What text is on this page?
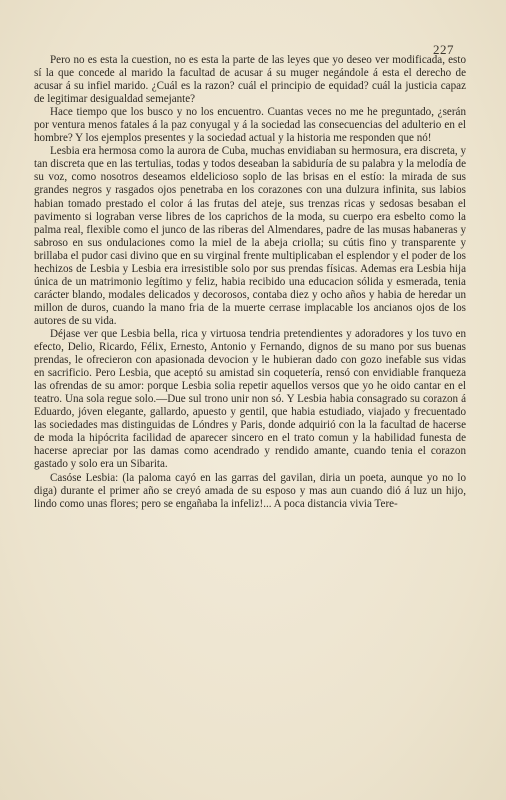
227

Pero no es esta la cuestion, no es esta la parte de las leyes que yo deseo ver modificada, esto sí la que concede al marido la facultad de acusar á su muger negándole á esta el derecho de acusar á su infiel marido. ¿Cuál es la razon? cuál el principio de equidad? cuál la justicia capaz de legitimar desigualdad semejante?

Hace tiempo que los busco y no los encuentro. Cuantas veces no me he preguntado, ¿serán por ventura menos fatales á la paz conyugal y á la sociedad las consecuencias del adulterio en el hombre? Y los ejemplos presentes y la sociedad actual y la historia me responden que nó!

Lesbia era hermosa como la aurora de Cuba, muchas envidiaban su hermosura, era discreta, y tan discreta que en las tertulias, todas y todos deseaban la sabiduría de su palabra y la melodía de su voz, como nosotros deseamos eldelicioso soplo de las brisas en el estío: la mirada de sus grandes negros y rasgados ojos penetraba en los corazones con una dulzura infinita, sus labios habian tomado prestado el color á las frutas del ateje, sus trenzas ricas y sedosas besaban el pavimento si lograban verse libres de los caprichos de la moda, su cuerpo era esbelto como la palma real, flexible como el junco de las riberas del Almendares, padre de las musas habaneras y sabroso en sus ondulaciones como la miel de la abeja criolla; su cútis fino y transparente y brillaba el pudor casi divino que en su virginal frente multiplicaban el esplendor y el poder de los hechizos de Lesbia y Lesbia era irresistible solo por sus prendas físicas. Ademas era Lesbia hija única de un matrimonio legítimo y feliz, habia recibido una educacion sólida y esmerada, tenia carácter blando, modales delicados y decorosos, contaba diez y ocho años y habia de heredar un millon de duros, cuando la mano fria de la muerte cerrase implacable los ancianos ojos de los autores de su vida.

Déjase ver que Lesbia bella, rica y virtuosa tendria pretendientes y adoradores y los tuvo en efecto, Delio, Ricardo, Félix, Ernesto, Antonio y Fernando, dignos de su mano por sus buenas prendas, le ofrecieron con apasionada devocion y le hubieran dado con gozo inefable sus vidas en sacrificio. Pero Lesbia, que aceptó su amistad sin coquetería, rensó con envidiable franqueza las ofrendas de su amor: porque Lesbia solia repetir aquellos versos que yo he oido cantar en el teatro. Una sola regue solo.—Due sul trono unir non só. Y Lesbia habia consagrado su corazon á Eduardo, jóven elegante, gallardo, apuesto y gentil, que habia estudiado, viajado y frecuentado las sociedades mas distinguidas de Lóndres y Paris, donde adquirió con la la facultad de hacerse de moda la hipócrita facilidad de aparecer sincero en el trato comun y la habilidad funesta de hacerse apreciar por las damas como acendrado y rendido amante, cuando tenia el corazon gastado y solo era un Sibarita.

Casóse Lesbia: (la paloma cayó en las garras del gavilan, diria un poeta, aunque yo no lo diga) durante el primer año se creyó amada de su esposo y mas aun cuando dió á luz un hijo, lindo como unas flores; pero se engañaba la infeliz!... A poca distancia vivia Tere-
